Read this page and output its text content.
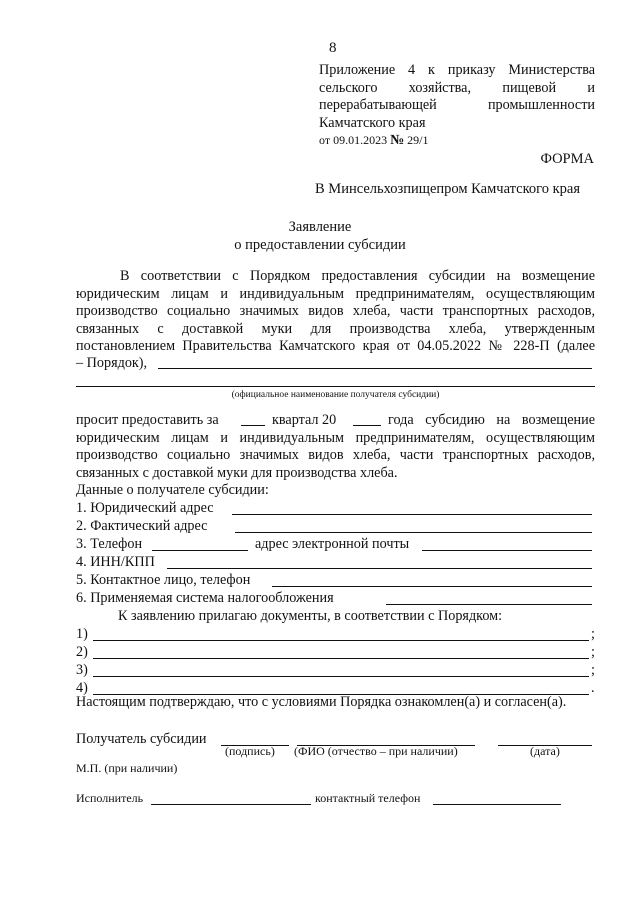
8
Приложение 4 к приказу Министерства
сельского хозяйства, пищевой и
перерабатывающей промышленности
Камчатского края
от 09.01.2023 № 29/1
ФОРМА
В Минсельхозпищепром Камчатского края
Заявление
о предоставлении субсидии
В соответствии с Порядком предоставления субсидии на возмещение
юридическим лицам и индивидуальным предпринимателям, осуществляющим
производство социально значимых видов хлеба, части транспортных расходов,
связанных с доставкой муки для производства хлеба, утвержденным
постановлением Правительства Камчатского края от 04.05.2022 № 228-П (далее
– Порядок),
(официальное наименование получателя субсидии)
просит предоставить за	квартал 20	года субсидию на возмещение
юридическим лицам и индивидуальным предпринимателям, осуществляющим
производство социально значимых видов хлеба, части транспортных расходов,
связанных с доставкой муки для производства хлеба.
Данные о получателе субсидии:
1. Юридический адрес
2. Фактический адрес
3. Телефон	адрес электронной почты
4. ИНН/КПП
5. Контактное лицо, телефон
6. Применяемая система налогообложения
К заявлению прилагаю документы, в соответствии с Порядком:
1)	;
2)	;
3)	;
4)	.
Настоящим подтверждаю, что с условиями Порядка ознакомлен(а) и согласен(а).
Получатель субсидии
(подпись) (ФИО (отчество – при наличии)	(дата)
М.П. (при наличии)
Исполнитель	контактный телефон
